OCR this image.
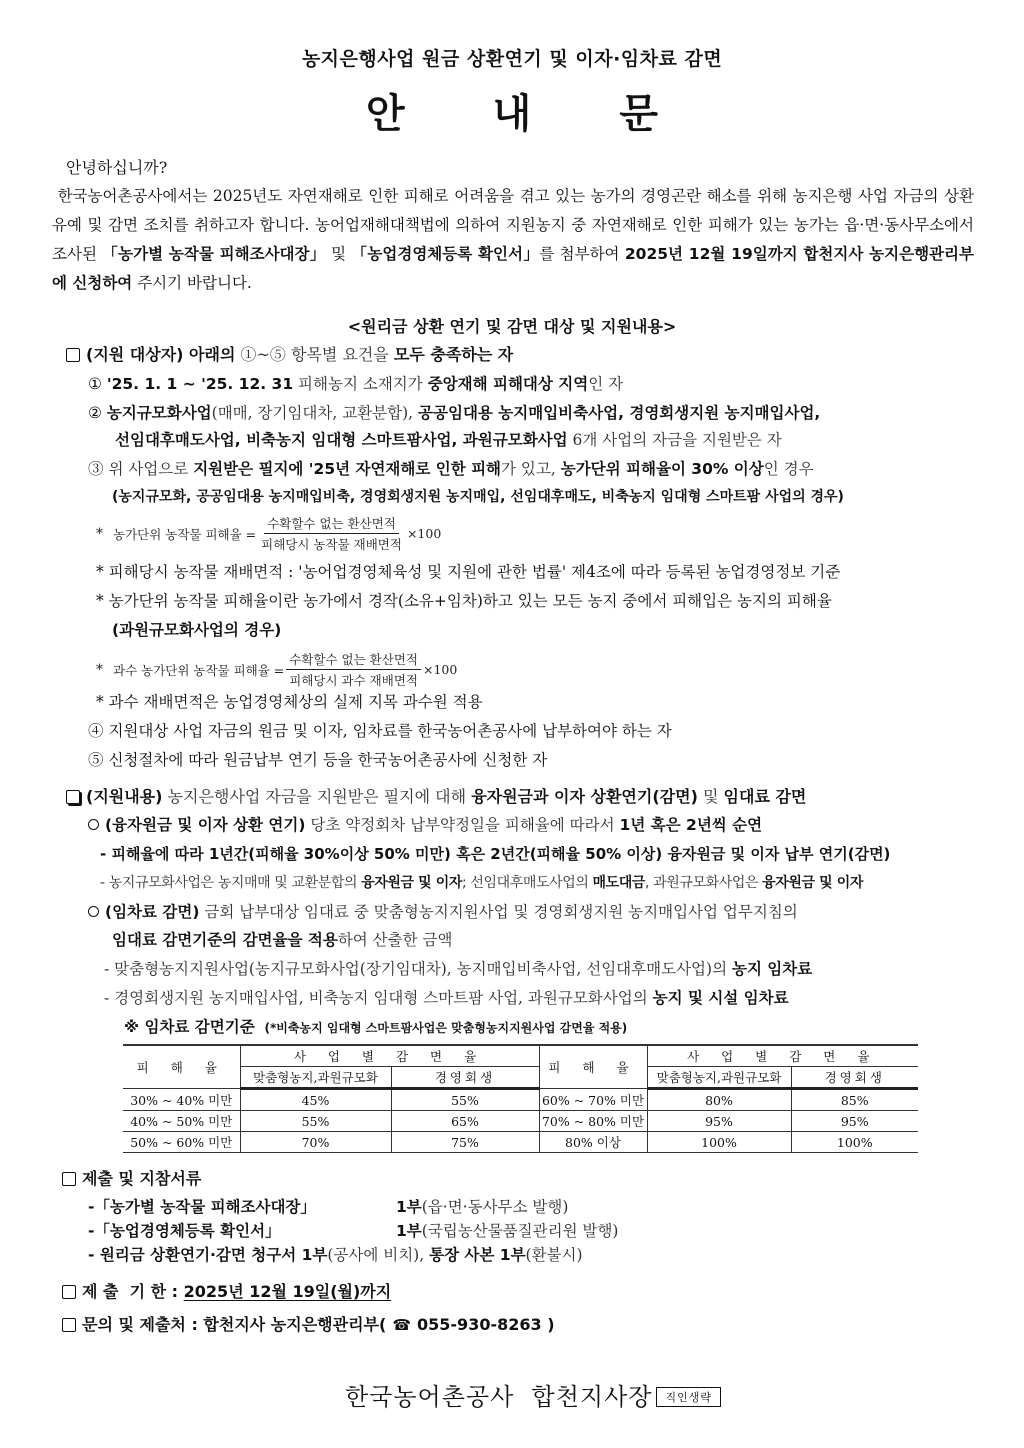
농지은행사업 원금 상환연기 및 이자·임차료 감면
안 내 문
안녕하십니까?

한국농어촌공사에서는 2025년도 자연재해로 인한 피해로 어려움을 겪고 있는 농가의 경영곤란 해소를 위해 농지은행 사업 자금의 상환 유예 및 감면 조치를 취하고자 합니다. 농어업재해대책법에 의하여 지원농지 중 자연재해로 인한 피해가 있는 농가는 읍·면·동사무소에서 조사된 「농가별 농작물 피해조사대장」 및 「농업경영체등록 확인서」를 첨부하여 2025년 12월 19일까지 합천지사 농지은행관리부에 신청하여 주시기 바랍니다.

<원리금 상환 연기 및 감면 대상 및 지원내용>
(지원 대상자) 아래의 ①~⑤ 항목별 요건을 모두 충족하는 자
① '25. 1. 1 ~ '25. 12. 31 피해농지 소재지가 중앙재해 피해대상 지역인 자
② 농지규모화사업(매매, 장기임대차, 교환분합), 공공임대용 농지매입비축사업, 경영회생지원 농지매입사업,
선임대후매도사업, 비축농지 임대형 스마트팜사업, 과원규모화사업 6개 사업의 자금을 지원받은 자
③ 위 사업으로 지원받은 필지에 '25년 자연재해로 인한 피해가 있고, 농가단위 피해율이 30% 이상인 경우
(농지규모화, 공공임대용 농지매입비축, 경영회생지원 농지매입, 선임대후매도, 비축농지 임대형 스마트팜 사업의 경우)
* 농가단위 농작물 피해율 = $\frac{\text{수확할수 없는 환산면적}}{\text{피해당시 농작물 재배면적}} \times 100$
* 피해당시 농작물 재배면적 : '농어업경영체육성 및 지원에 관한 법률' 제4조에 따라 등록된 농업경영정보 기준
* 농가단위 농작물 피해율이란 농가에서 경작(소유+임차)하고 있는 모든 농지 중에서 피해입은 농지의 피해율
(과원규모화사업의 경우)
* 과수 농가단위 농작물 피해율 = $\frac{\text{수확할수 없는 환산면적}}{\text{피해당시 과수 재배면적}} \times 100$
* 과수 재배면적은 농업경영체상의 실제 지목 과수원 적용
④ 지원대상 사업 자금의 원금 및 이자, 임차료를 한국농어촌공사에 납부하여야 하는 자
⑤ 신청절차에 따라 원금납부 연기 등을 한국농어촌공사에 신청한 자
(지원내용) 농지은행사업 자금을 지원받은 필지에 대해 융자원금과 이자 상환연기(감면) 및 임대료 감면
(융자원금 및 이자 상환 연기) 당초 약정회차 납부약정일을 피해율에 따라서 1년 혹은 2년씩 순연
- 피해율에 따라 1년간(피해율 30%이상 50% 미만) 혹은 2년간(피해율 50% 이상) 융자원금 및 이자 납부 연기(감면)
- 농지규모화사업은 농지매매 및 교환분합의 융자원금 및 이자; 선임대후매도사업의 매도대금, 과원규모화사업은 융자원금 및 이자
(임차료 감면) 금회 납부대상 임대료 중 맞춤형농지지원사업 및 경영회생지원 농지매입사업 업무지침의
임대료 감면기준의 감면율을 적용하여 산출한 금액
- 맞춤형농지지원사업(농지규모화사업(장기임대차), 농지매입비축사업, 선임대후매도사업)의 농지 임차료
- 경영회생지원 농지매입사업, 비축농지 임대형 스마트팜 사업, 과원규모화사업의 농지 및 시설 임차료
※ 임차료 감면기준 (*비축농지 임대형 스마트팜사업은 맞춤형농지지원사업 감면율 적용)
피 해 율	사 업 별 감 면 율		피 해 율	사 업 별 감 면 율	
	맞춤형농지,과원규모화	경영회생		맞춤형농지,과원규모화	경영회생
30% ~ 40% 미만	45%	55%	60% ~ 70% 미만	80%	85%
40% ~ 50% 미만	55%	65%	70% ~ 80% 미만	95%	95%
50% ~ 60% 미만	70%	75%	80% 이상	100%	100%
제출 및 지참서류
-「농가별 농작물 피해조사대장」	1부(읍·면·동사무소 발행)
-「농업경영체등록 확인서」	1부(국립농산물품질관리원 발행)
- 원리금 상환연기·감면 청구서 1부(공사에 비치), 통장 사본 1부(환불시)
제 출  기 한 : 2025년 12월 19일(월)까지
문의 및 제출처 : 합천지사 농지은행관리부( ☎ 055-930-8263 )
한국농어촌공사  합천지사장 직인생략
